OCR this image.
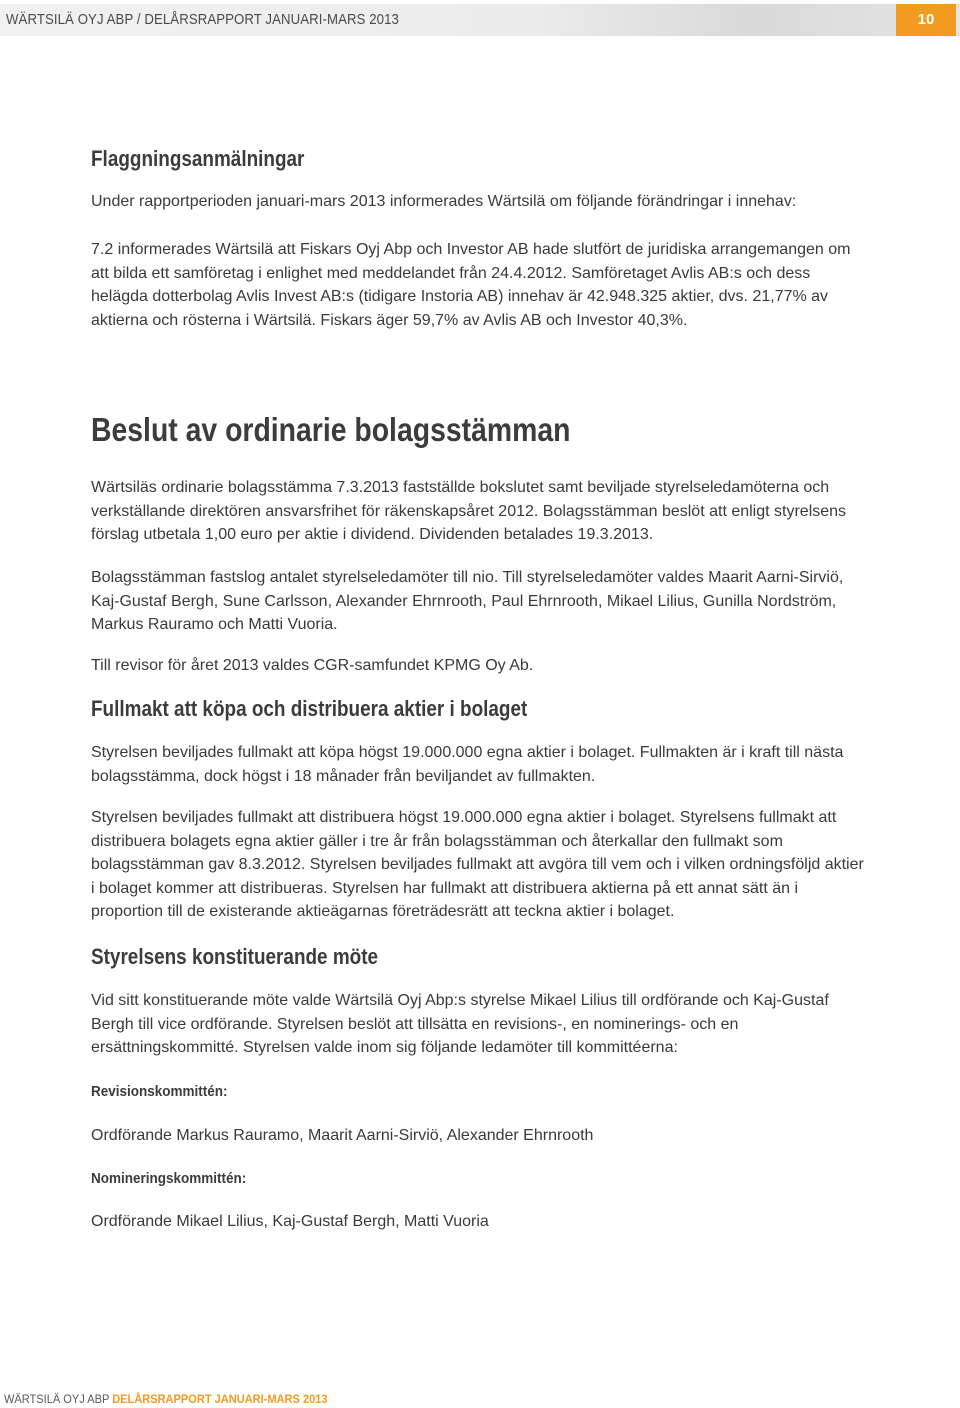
WÄRTSILÄ OYJ ABP / DELÅRSRAPPORT JANUARI-MARS 2013	10
Flaggningsanmälningar

Under rapportperioden januari-mars 2013 informerades Wärtsilä om följande förändringar i innehav:

7.2 informerades Wärtsilä att Fiskars Oyj Abp och Investor AB hade slutfört de juridiska arrangemangen om att bilda ett samföretag i enlighet med meddelandet från 24.4.2012. Samföretaget Avlis AB:s och dess helägda dotterbolag Avlis Invest AB:s (tidigare Instoria AB) innehav är 42.948.325 aktier, dvs. 21,77% av aktierna och rösterna i Wärtsilä. Fiskars äger 59,7% av Avlis AB och Investor 40,3%.

Beslut av ordinarie bolagsstämman

Wärtsiläs ordinarie bolagsstämma 7.3.2013 fastställde bokslutet samt beviljade styrelseledamöterna och verkställande direktören ansvarsfrihet för räkenskapsåret 2012. Bolagsstämman beslöt att enligt styrelsens förslag utbetala 1,00 euro per aktie i dividend. Dividenden betalades 19.3.2013.

Bolagsstämman fastslog antalet styrelseledamöter till nio. Till styrelseledamöter valdes Maarit Aarni-Sirviö, Kaj-Gustaf Bergh, Sune Carlsson, Alexander Ehrnrooth, Paul Ehrnrooth, Mikael Lilius, Gunilla Nordström, Markus Rauramo och Matti Vuoria.

Till revisor för året 2013 valdes CGR-samfundet KPMG Oy Ab.

Fullmakt att köpa och distribuera aktier i bolaget

Styrelsen beviljades fullmakt att köpa högst 19.000.000 egna aktier i bolaget. Fullmakten är i kraft till nästa bolagsstämma, dock högst i 18 månader från beviljandet av fullmakten.

Styrelsen beviljades fullmakt att distribuera högst 19.000.000 egna aktier i bolaget. Styrelsens fullmakt att distribuera bolagets egna aktier gäller i tre år från bolagsstämman och återkallar den fullmakt som bolagsstämman gav 8.3.2012. Styrelsen beviljades fullmakt att avgöra till vem och i vilken ordningsföljd aktier i bolaget kommer att distribueras. Styrelsen har fullmakt att distribuera aktierna på ett annat sätt än i proportion till de existerande aktieägarnas företrädesrätt att teckna aktier i bolaget.

Styrelsens konstituerande möte

Vid sitt konstituerande möte valde Wärtsilä Oyj Abp:s styrelse Mikael Lilius till ordförande och Kaj-Gustaf Bergh till vice ordförande. Styrelsen beslöt att tillsätta en revisions-, en nominerings- och en ersättningskommitté. Styrelsen valde inom sig följande ledamöter till kommittéerna:

Revisionskommittén:

Ordförande Markus Rauramo, Maarit Aarni-Sirviö, Alexander Ehrnrooth

Nomineringskommittén:

Ordförande Mikael Lilius, Kaj-Gustaf Bergh, Matti Vuoria

WÄRTSILÄ OYJ ABP DELÅRSRAPPORT JANUARI-MARS 2013
